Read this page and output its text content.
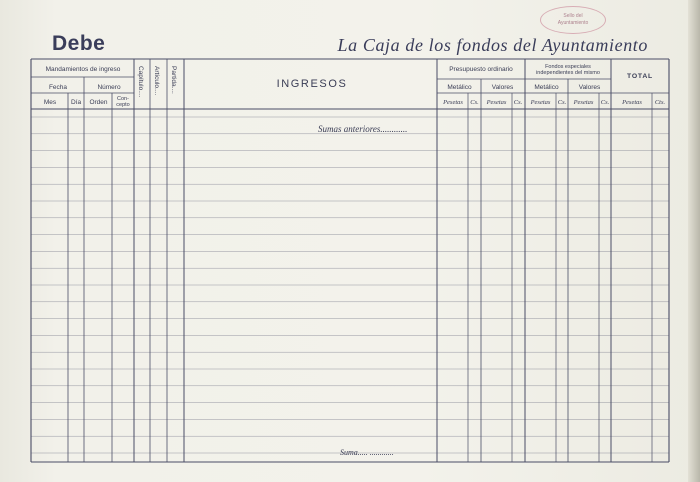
Debe	La Caja de los fondos del Ayuntamiento
Sello del
Ayuntamiento
Mandamientos de ingreso
Fecha	Número
Mes	Día	Orden	Con-
cepto
Capítulo.... Artículo.... Partida....	INGRESOS
Presupuesto ordinario	Fondos especiales
independientes del mismo	TOTAL
Metálico	Valores	Metálico	Valores
Pesetas	Cs.	Pesetas	Cs.	Pesetas	Cs.	Pesetas	Cs.	Pesetas	Cts.
Sumas anteriores............
Suma..... ............
